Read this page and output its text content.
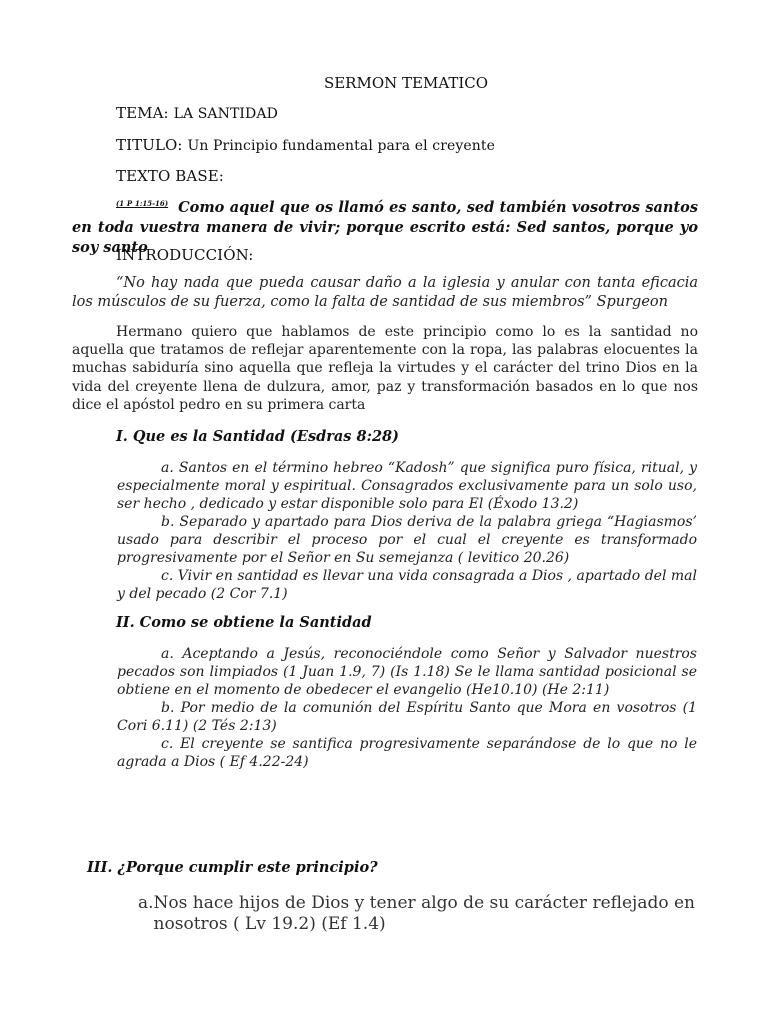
SERMON TEMATICO
TEMA: LA SANTIDAD
TITULO: Un Principio fundamental para el creyente
TEXTO BASE:
$^{(1 P 1:15-16)}$ Como aquel que os llamó es santo, sed también vosotros santos en toda vuestra manera de vivir; porque escrito está: Sed santos, porque yo soy santo
INTRODUCCIÓN:
“No hay nada que pueda causar daño a la iglesia y anular con tanta eficacia los músculos de su fuerza, como la falta de santidad de sus miembros” Spurgeon
Hermano quiero que hablamos de este principio como lo es la santidad no aquella que tratamos de reflejar aparentemente con la ropa, las palabras elocuentes la muchas sabiduría sino aquella que refleja la virtudes y el carácter del trino Dios en la vida del creyente llena de dulzura, amor, paz y transformación basados en lo que nos dice el apóstol pedro en su primera carta
I. Que es la Santidad (Esdras 8:28)

a. Santos en el término hebreo “Kadosh” que significa puro física, ritual, y especialmente moral y espiritual. Consagrados exclusivamente para un solo uso, ser hecho , dedicado y estar disponible solo para El (Éxodo 13.2)

b. Separado y apartado para Dios deriva de la palabra griega “Hagiasmos’ usado para describir el proceso por el cual el creyente es transformado progresivamente por el Señor en Su semejanza ( levitico 20.26)

c. Vivir en santidad es llevar una vida consagrada a Dios , apartado del mal y del pecado (2 Cor 7.1)

II. Como se obtiene la Santidad

a. Aceptando a Jesús, reconociéndole como Señor y Salvador nuestros pecados son limpiados (1 Juan 1.9, 7) (Is 1.18) Se le llama santidad posicional se obtiene en el momento de obedecer el evangelio (He10.10) (He 2:11)

b. Por medio de la comunión del Espíritu Santo que Mora en vosotros (1 Cori 6.11) (2 Tés 2:13)

c. El creyente se santifica progresivamente separándose de lo que no le agrada a Dios ( Ef 4.22-24)

III. ¿Porque cumplir este principio?
a. Nos hace hijos de Dios y tener algo de su carácter reflejado en nosotros ( Lv 19.2) (Ef 1.4)
